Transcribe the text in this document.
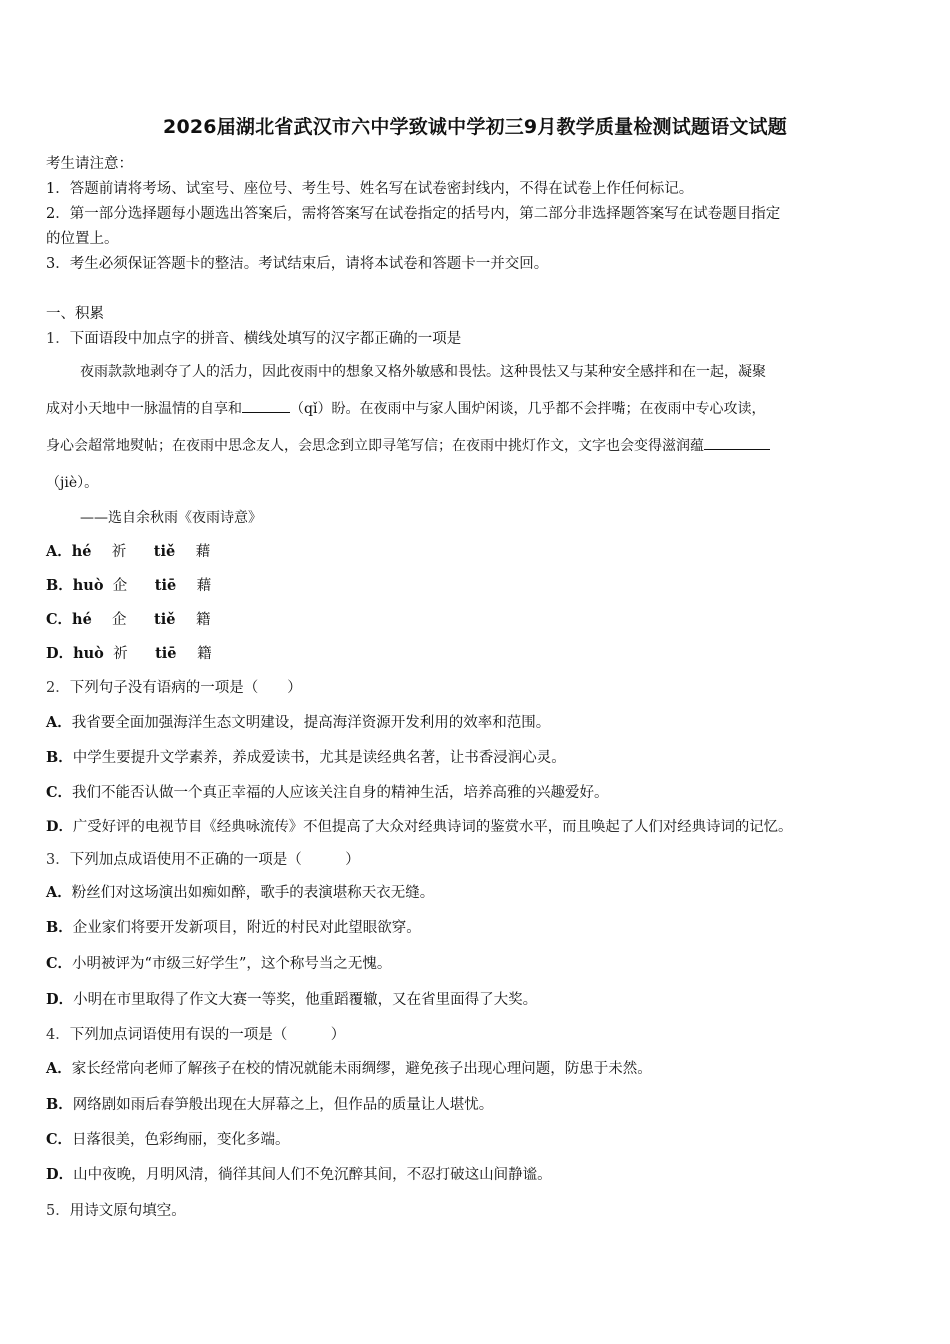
2026届湖北省武汉市六中学致诚中学初三9月教学质量检测试题语文试题
考生请注意：
1．答题前请将考场、试室号、座位号、考生号、姓名写在试卷密封线内，不得在试卷上作任何标记。
2．第一部分选择题每小题选出答案后，需将答案写在试卷指定的括号内，第二部分非选择题答案写在试卷题目指定
的位置上。
3．考生必须保证答题卡的整洁。考试结束后，请将本试卷和答题卡一并交回。
一、积累
1．下面语段中加点字的拼音、横线处填写的汉字都正确的一项是
夜雨款款地剥夺了人的活力，因此夜雨中的想象又格外敏感和畏怯。这种畏怯又与某种安全感拌和在一起，凝聚
成对小天地中一脉温情的自享和	（qǐ）盼。在夜雨中与家人围炉闲谈，几乎都不会拌嘴；在夜雨中专心攻读，
身心会超常地熨帖；在夜雨中思念友人，会思念到立即寻笔写信；在夜雨中挑灯作文，文字也会变得滋润蕴
（jiè）。
——选自余秋雨《夜雨诗意》
A．hé 祈 tiě 藉
B．huò 企 tiē 藉
C．hé 企 tiě 籍
D．huò 祈 tiē 籍
2．下列句子没有语病的一项是（　　）
A．我省要全面加强海洋生态文明建设，提高海洋资源开发利用的效率和范围。
B．中学生要提升文学素养，养成爱读书，尤其是读经典名著，让书香浸润心灵。
C．我们不能否认做一个真正幸福的人应该关注自身的精神生活，培养高雅的兴趣爱好。
D．广受好评的电视节目《经典咏流传》不但提高了大众对经典诗词的鉴赏水平，而且唤起了人们对经典诗词的记忆。
3．下列加点成语使用不正确的一项是（　　　）
A．粉丝们对这场演出如痴如醉，歌手的表演堪称天衣无缝。
B．企业家们将要开发新项目，附近的村民对此望眼欲穿。
C．小明被评为“市级三好学生”，这个称号当之无愧。
D．小明在市里取得了作文大赛一等奖，他重蹈覆辙，又在省里面得了大奖。
4．下列加点词语使用有误的一项是（　　　）
A．家长经常向老师了解孩子在校的情况就能未雨绸缪，避免孩子出现心理问题，防患于未然。
B．网络剧如雨后春笋般出现在大屏幕之上，但作品的质量让人堪忧。
C．日落很美，色彩绚丽，变化多端。
D．山中夜晚，月明风清，徜徉其间人们不免沉醉其间，不忍打破这山间静谧。
5．用诗文原句填空。
